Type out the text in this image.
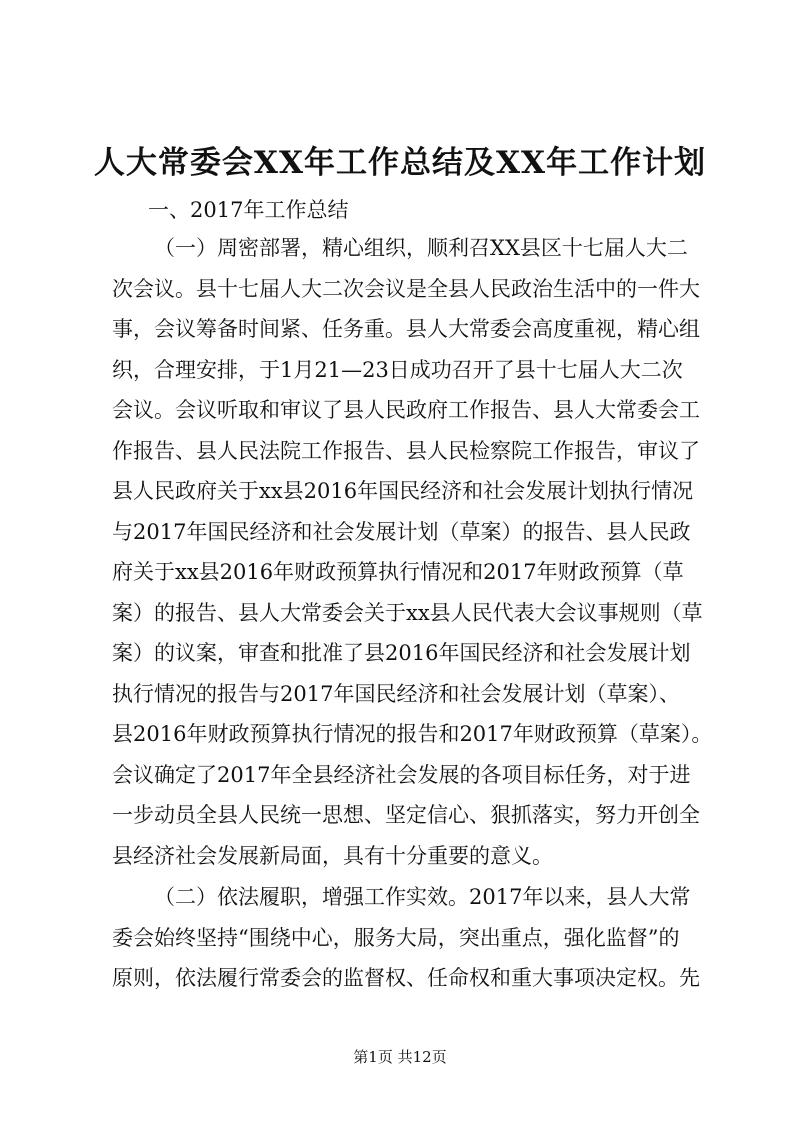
人大常委会XX年工作总结及XX年工作计划

一、2017年工作总结

（一）周密部署，精心组织，顺利召XX县区十七届人大二
次会议。县十七届人大二次会议是全县人民政治生活中的一件大
事，会议筹备时间紧、任务重。县人大常委会高度重视，精心组
织，合理安排，于1月21—23日成功召开了县十七届人大二次
会议。会议听取和审议了县人民政府工作报告、县人大常委会工
作报告、县人民法院工作报告、县人民检察院工作报告，审议了
县人民政府关于xx县2016年国民经济和社会发展计划执行情况
与2017年国民经济和社会发展计划（草案）的报告、县人民政
府关于xx县2016年财政预算执行情况和2017年财政预算（草
案）的报告、县人大常委会关于xx县人民代表大会议事规则（草
案）的议案，审查和批准了县2016年国民经济和社会发展计划
执行情况的报告与2017年国民经济和社会发展计划（草案）、
县2016年财政预算执行情况的报告和2017年财政预算（草案）。
会议确定了2017年全县经济社会发展的各项目标任务，对于进
一步动员全县人民统一思想、坚定信心、狠抓落实，努力开创全
县经济社会发展新局面，具有十分重要的意义。
（二）依法履职，增强工作实效。2017年以来，县人大常
委会始终坚持“围绕中心，服务大局，突出重点，强化监督”的
原则，依法履行常委会的监督权、任命权和重大事项决定权。先

第1页 共12页
